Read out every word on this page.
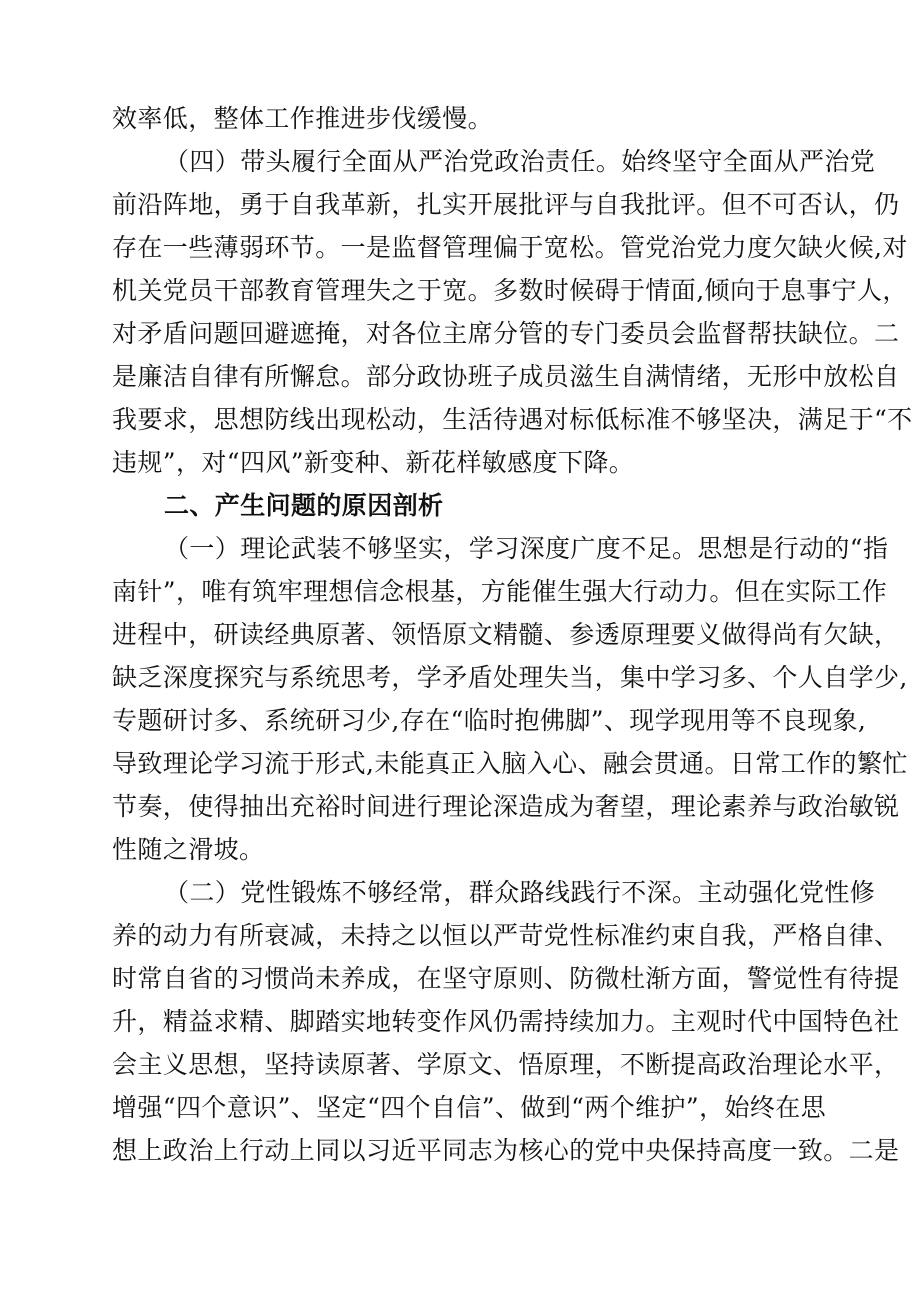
效率低，整体工作推进步伐缓慢。
（四）带头履行全面从严治党政治责任。始终坚守全面从严治党
前沿阵地，勇于自我革新，扎实开展批评与自我批评。但不可否认，仍
存在一些薄弱环节。一是监督管理偏于宽松。管党治党力度欠缺火候,对
机关党员干部教育管理失之于宽。多数时候碍于情面,倾向于息事宁人，
对矛盾问题回避遮掩，对各位主席分管的专门委员会监督帮扶缺位。二
是廉洁自律有所懈怠。部分政协班子成员滋生自满情绪，无形中放松自
我要求，思想防线出现松动，生活待遇对标低标准不够坚决，满足于“不
违规”，对“四风”新变种、新花样敏感度下降。
二、产生问题的原因剖析
（一）理论武装不够坚实，学习深度广度不足。思想是行动的“指
南针”，唯有筑牢理想信念根基，方能催生强大行动力。但在实际工作
进程中，研读经典原著、领悟原文精髓、参透原理要义做得尚有欠缺，
缺乏深度探究与系统思考，学矛盾处理失当，集中学习多、个人自学少,
专题研讨多、系统研习少,存在“临时抱佛脚”、现学现用等不良现象,
导致理论学习流于形式,未能真正入脑入心、融会贯通。日常工作的繁忙
节奏，使得抽出充裕时间进行理论深造成为奢望，理论素养与政治敏锐
性随之滑坡。
（二）党性锻炼不够经常，群众路线践行不深。主动强化党性修
养的动力有所衰减，未持之以恒以严苛党性标准约束自我，严格自律、
时常自省的习惯尚未养成，在坚守原则、防微杜渐方面，警觉性有待提
升，精益求精、脚踏实地转变作风仍需持续加力。主观时代中国特色社
会主义思想，坚持读原著、学原文、悟原理，不断提高政治理论水平，
增强“四个意识”、坚定“四个自信”、做到“两个维护”，始终在思
想上政治上行动上同以习近平同志为核心的党中央保持高度一致。二是
